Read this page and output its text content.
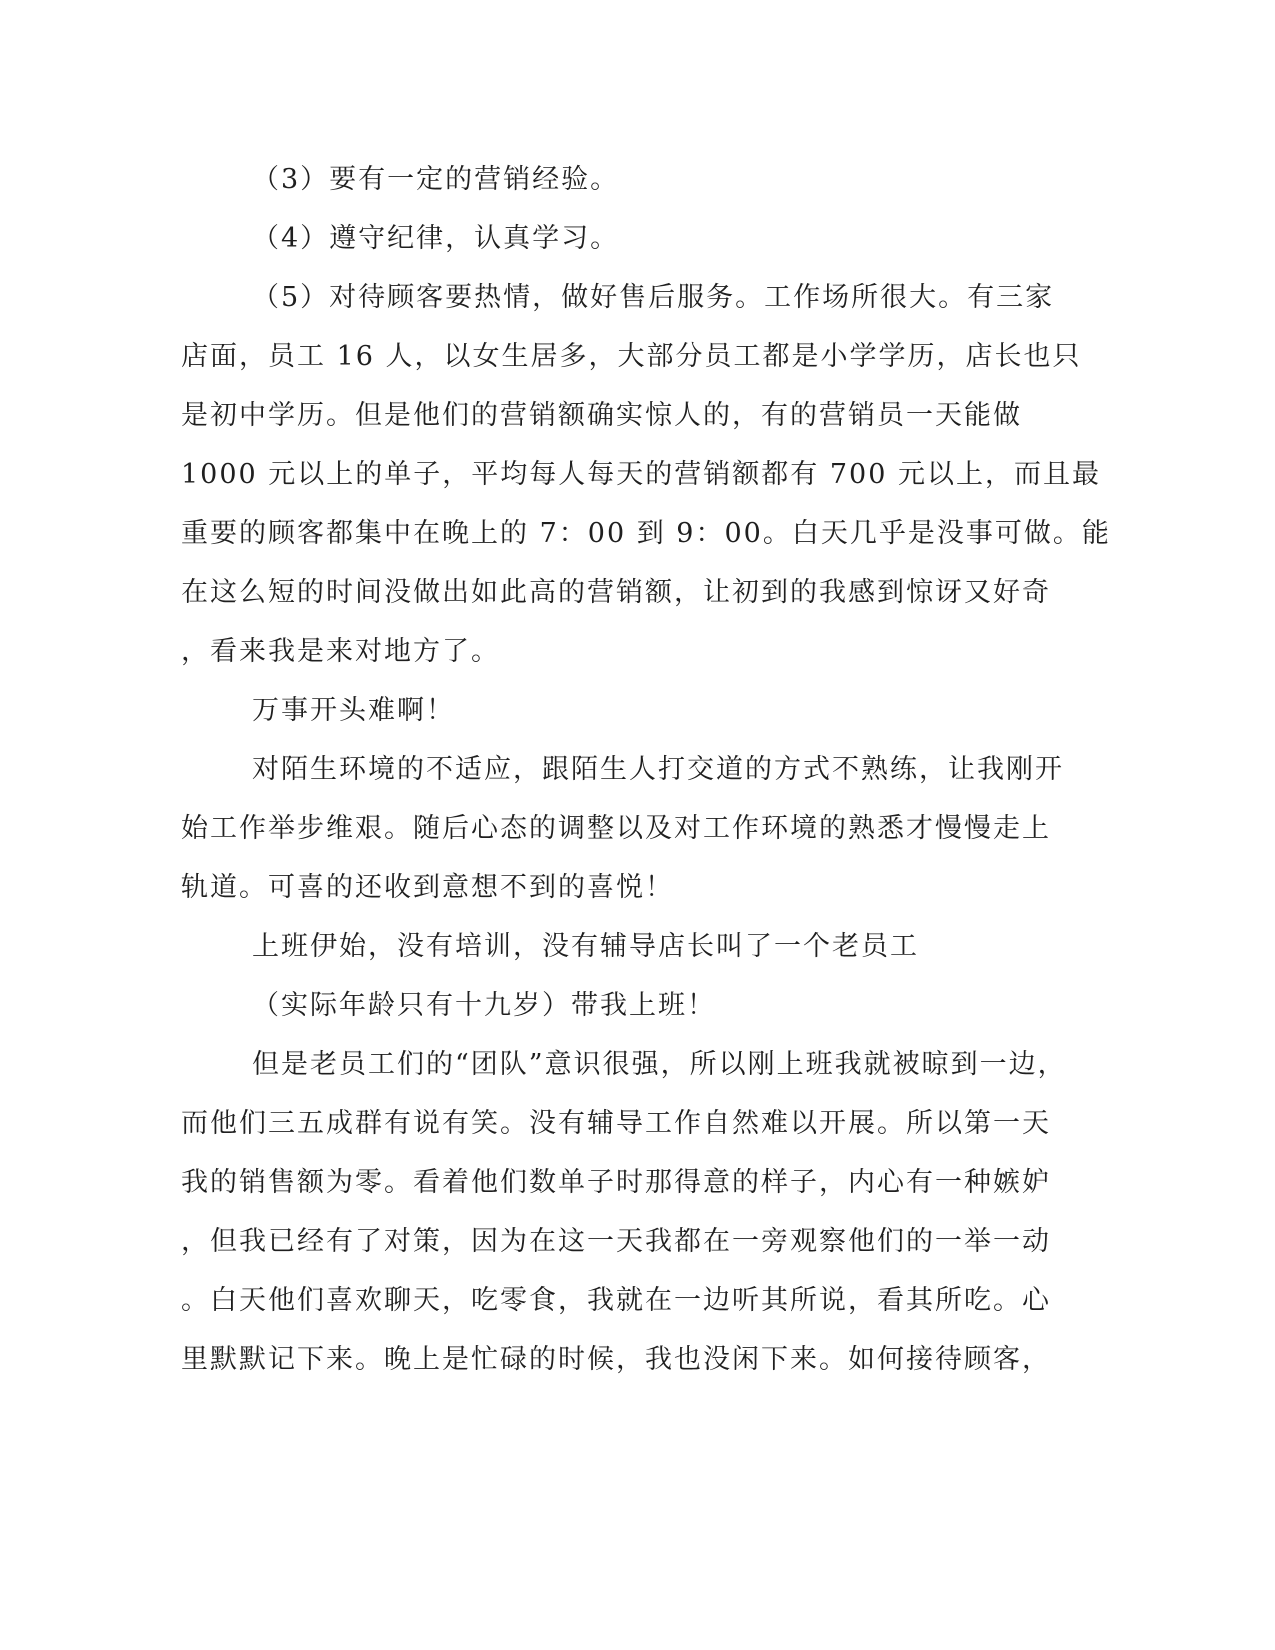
（3）要有一定的营销经验。
（4）遵守纪律，认真学习。
（5）对待顾客要热情，做好售后服务。工作场所很大。有三家
店面，员工 16 人，以女生居多，大部分员工都是小学学历，店长也只
是初中学历。但是他们的营销额确实惊人的，有的营销员一天能做
1000 元以上的单子，平均每人每天的营销额都有 700 元以上，而且最
重要的顾客都集中在晚上的 7：00 到 9：00。白天几乎是没事可做。能
在这么短的时间没做出如此高的营销额，让初到的我感到惊讶又好奇
，看来我是来对地方了。
万事开头难啊！
对陌生环境的不适应，跟陌生人打交道的方式不熟练，让我刚开
始工作举步维艰。随后心态的调整以及对工作环境的熟悉才慢慢走上
轨道。可喜的还收到意想不到的喜悦！
上班伊始，没有培训，没有辅导店长叫了一个老员工
（实际年龄只有十九岁）带我上班！
但是老员工们的“团队”意识很强，所以刚上班我就被晾到一边，
而他们三五成群有说有笑。没有辅导工作自然难以开展。所以第一天
我的销售额为零。看着他们数单子时那得意的样子，内心有一种嫉妒
，但我已经有了对策，因为在这一天我都在一旁观察他们的一举一动
。白天他们喜欢聊天，吃零食，我就在一边听其所说，看其所吃。心
里默默记下来。晚上是忙碌的时候，我也没闲下来。如何接待顾客，
